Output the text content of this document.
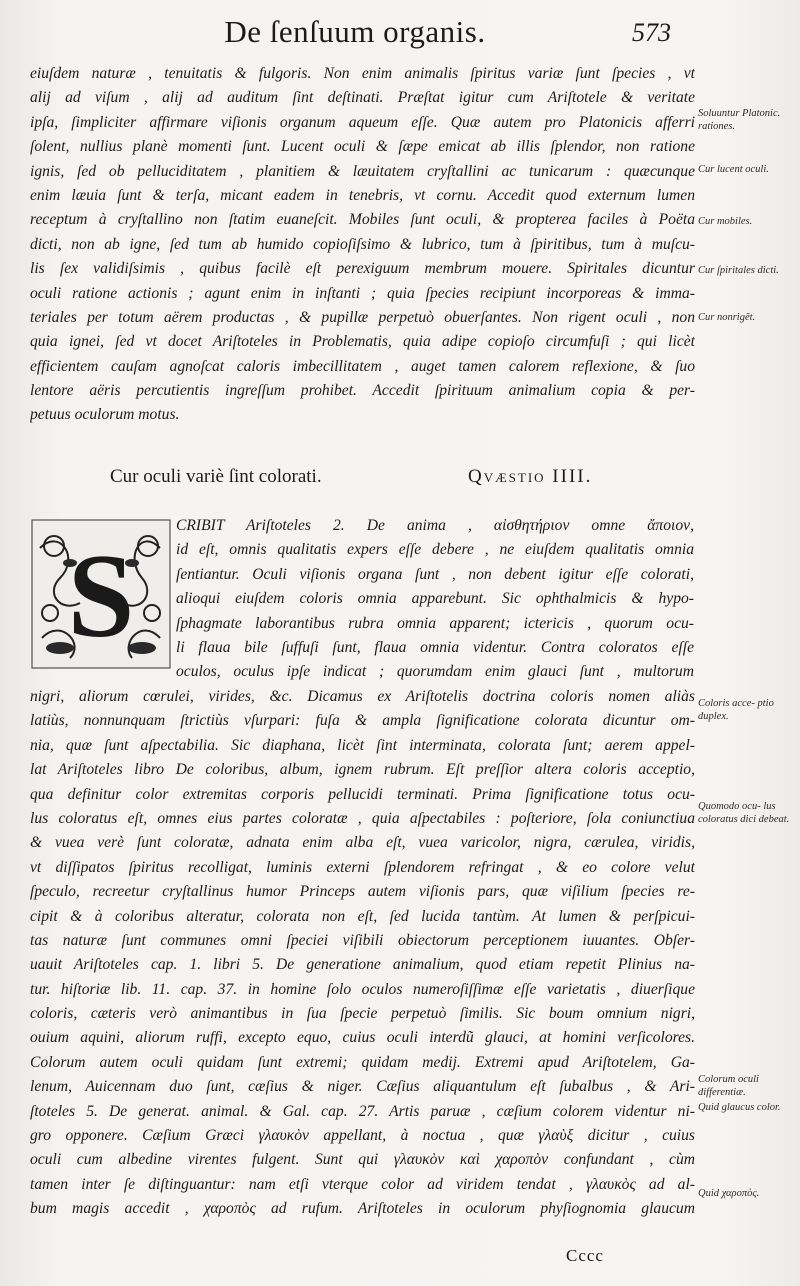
De ſenſuum organis.	573
eiuſdem naturæ , tenuitatis & fulgoris. Non enim animalis ſpiritus variæ ſunt ſpecies , vt
alij ad viſum , alij ad auditum ſint deſtinati. Præſtat igitur cum Ariſtotele & veritate
ipſa, ſimpliciter affirmare viſionis organum aqueum eſſe. Quæ autem pro Platonicis afferri
ſolent, nullius planè momenti ſunt. Lucent oculi & ſæpe emicat ab illis ſplendor, non ratione
ignis, ſed ob pelluciditatem , planitiem & læuitatem cryſtallini ac tunicarum : quæcunque
enim læuia ſunt & terſa, micant eadem in tenebris, vt cornu. Accedit quod externum lumen
receptum à cryſtallino non ſtatim euaneſcit. Mobiles ſunt oculi, & propterea faciles à Poëta
dicti, non ab igne, ſed tum ab humido copioſiſsimo & lubrico, tum à ſpiritibus, tum à muſcu-
lis ſex validiſsimis , quibus facilè eſt perexiguum membrum mouere. Spiritales dicuntur
oculi ratione actionis ; agunt enim in inſtanti ; quia ſpecies recipiunt incorporeas & imma-
teriales per totum aërem productas , & pupillæ perpetuò obuerſantes. Non rigent oculi , non
quia ignei, ſed vt docet Ariſtoteles in Problematis, quia adipe copioſo circumfuſi ; qui licèt
efficientem cauſam agnoſcat caloris imbecillitatem , auget tamen calorem reflexione, & ſuo
lentore aëris percutientis ingreſſum prohibet. Accedit ſpirituum animalium copia & per-
petuus oculorum motus.
Cur oculi variè ſint colorati.	Qvæstio IIII.
S
CRIBIT Ariſtoteles 2. De anima , αἰσθητήριον omne ἄποιον,
id eſt, omnis qualitatis expers eſſe debere , ne eiuſdem qualitatis omnia
ſentiantur. Oculi viſionis organa ſunt , non debent igitur eſſe colorati,
alioqui eiuſdem coloris omnia apparebunt. Sic ophthalmicis & hypo-
ſphagmate laborantibus rubra omnia apparent; ictericis , quorum ocu-
li flaua bile ſuffuſi ſunt, flaua omnia videntur. Contra coloratos eſſe
oculos, oculus ipſe indicat ; quorumdam enim glauci ſunt , multorum
nigri, aliorum cœrulei, virides, &c. Dicamus ex Ariſtotelis doctrina coloris nomen aliàs
latiùs, nonnunquam ſtrictiùs vſurpari: fuſa & ampla ſignificatione colorata dicuntur om-
nia, quæ ſunt aſpectabilia. Sic diaphana, licèt ſint interminata, colorata ſunt; aerem appel-
lat Ariſtoteles libro De coloribus, album, ignem rubrum. Eſt preſſior altera coloris acceptio,
qua definitur color extremitas corporis pellucidi terminati. Prima ſignificatione totus ocu-
lus coloratus eſt, omnes eius partes coloratæ , quia aſpectabiles : poſteriore, ſola coniunctiua
& vuea verè ſunt coloratæ, adnata enim alba eſt, vuea varicolor, nigra, cærulea, viridis,
vt diſſipatos ſpiritus recolligat, luminis externi ſplendorem refringat , & eo colore velut
ſpeculo, recreetur cryſtallinus humor Princeps autem viſionis pars, quæ viſilium ſpecies re-
cipit & à coloribus alteratur, colorata non eſt, ſed lucida tantùm. At lumen & perſpicui-
tas naturæ ſunt communes omni ſpeciei viſibili obiectorum perceptionem iuuantes. Obſer-
uauit Ariſtoteles cap. 1. libri 5. De generatione animalium, quod etiam repetit Plinius na-
tur. hiſtoriæ lib. 11. cap. 37. in homine ſolo oculos numeroſiſſimæ eſſe varietatis , diuerſique
coloris, cæteris verò animantibus in ſua ſpecie perpetuò ſimilis. Sic boum omnium nigri,
ouium aquini, aliorum ruffi, excepto equo, cuius oculi interdũ glauci, at homini verſicolores.
Colorum autem oculi quidam ſunt extremi; quidam medij. Extremi apud Ariſtotelem, Ga-
lenum, Auicennam duo ſunt, cæſius & niger. Cæſius aliquantulum eſt ſubalbus , & Ari-
ſtoteles 5. De generat. animal. & Gal. cap. 27. Artis paruæ , cæſium colorem videntur ni-
gro opponere. Cæſium Græci γλαυκὸν appellant, à noctua , quæ γλαὺξ dicitur , cuius
oculi cum albedine virentes fulgent. Sunt qui γλαυκὸν καὶ χαροπὸν confundant , cùm
tamen inter ſe diſtinguantur: nam etſi vterque color ad viridem tendat , γλαυκὸς ad al-
bum magis accedit , χαροπὸς ad rufum. Ariſtoteles in oculorum phyſiognomia glaucum
Soluuntur Platonic. rationes.
Cur lucent oculi.
Cur mobiles.
Cur ſpiritales dicti.
Cur nonrigẽt.
Coloris acce- ptio duplex.
Quomodo ocu- lus coloratus dici debeat.
Colorum oculi differentiæ.
Quid glaucus color.
Quid χαροπὸς.
Cccc
